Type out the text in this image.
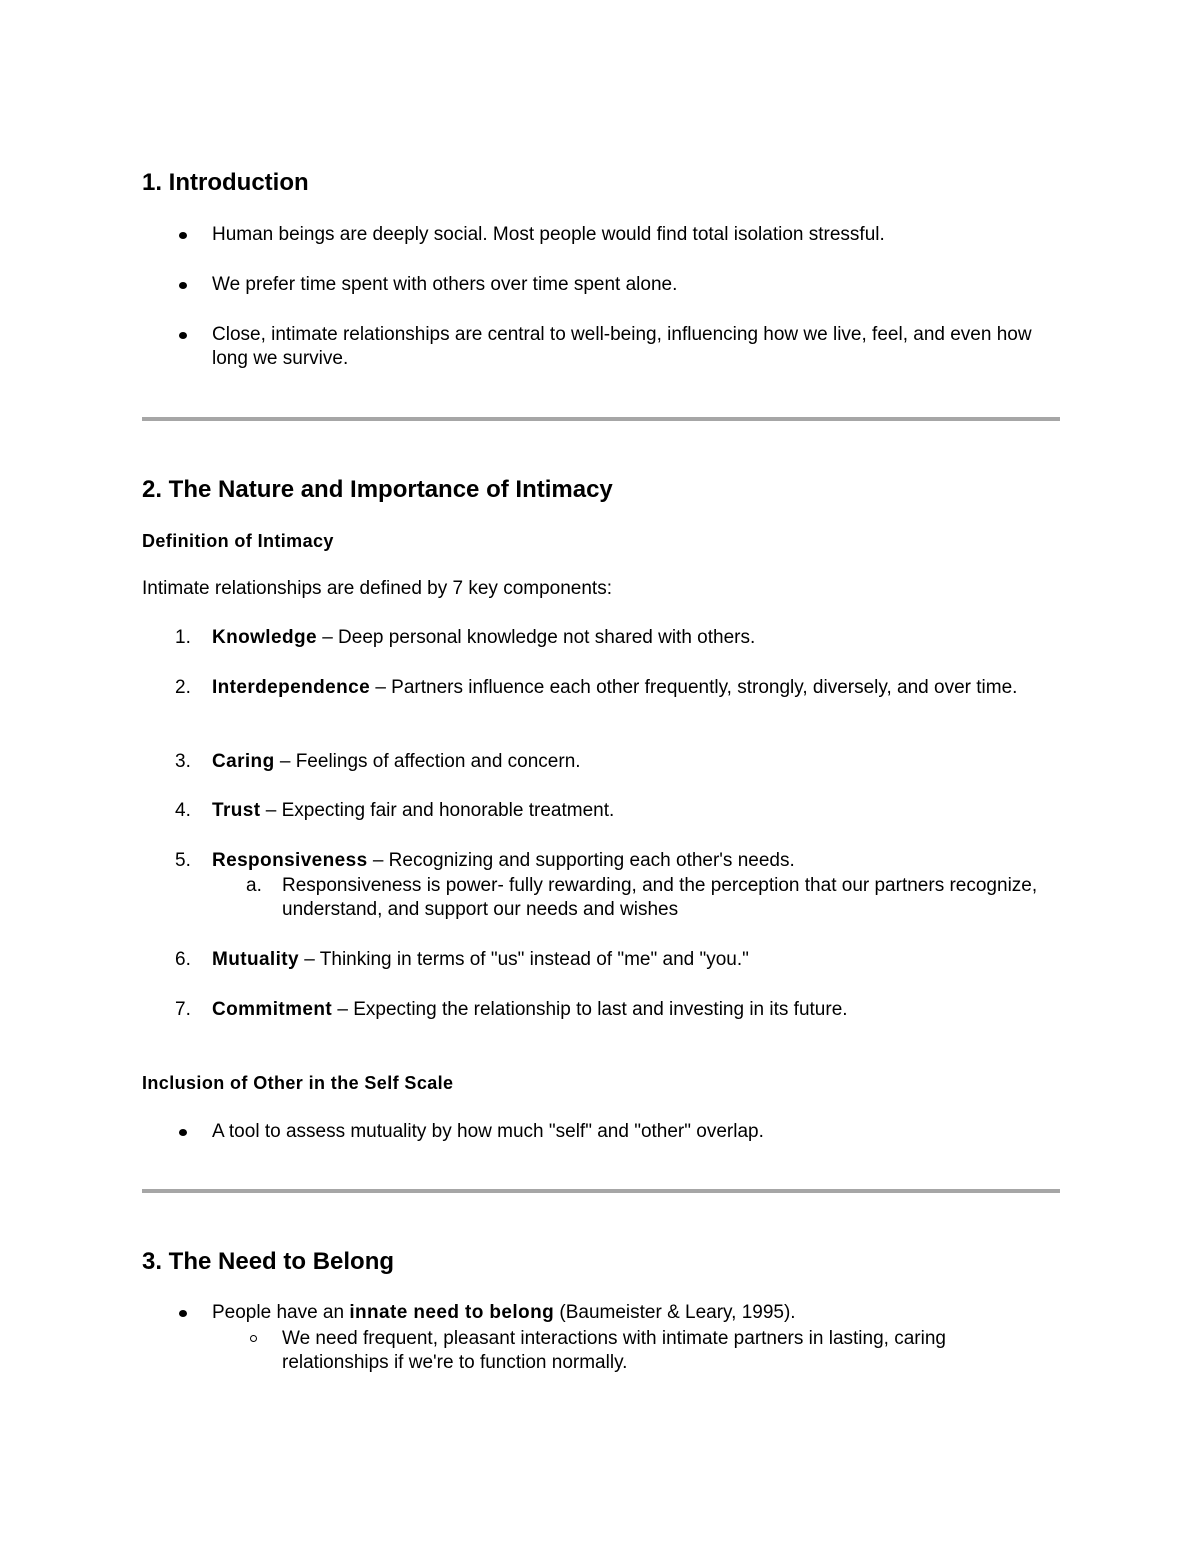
1. Introduction
Human beings are deeply social. Most people would find total isolation stressful.
We prefer time spent with others over time spent alone.
Close, intimate relationships are central to well-being, influencing how we live, feel, and even how long we survive.
2. The Nature and Importance of Intimacy
Definition of Intimacy

Intimate relationships are defined by 7 key components:

1.	Knowledge – Deep personal knowledge not shared with others.
2.	Interdependence – Partners influence each other frequently, strongly, diversely, and over time.
3.	Caring – Feelings of affection and concern.
4.	Trust – Expecting fair and honorable treatment.
5.	Responsiveness – Recognizing and supporting each other's needs.
a.	Responsiveness is power- fully rewarding, and the perception that our partners recognize, understand, and support our needs and wishes
6.	Mutuality – Thinking in terms of "us" instead of "me" and "you."
7.	Commitment – Expecting the relationship to last and investing in its future.
Inclusion of Other in the Self Scale
A tool to assess mutuality by how much "self" and "other" overlap.
3. The Need to Belong
People have an innate need to belong (Baumeister & Leary, 1995).
We need frequent, pleasant interactions with intimate partners in lasting, caring relationships if we're to function normally.
